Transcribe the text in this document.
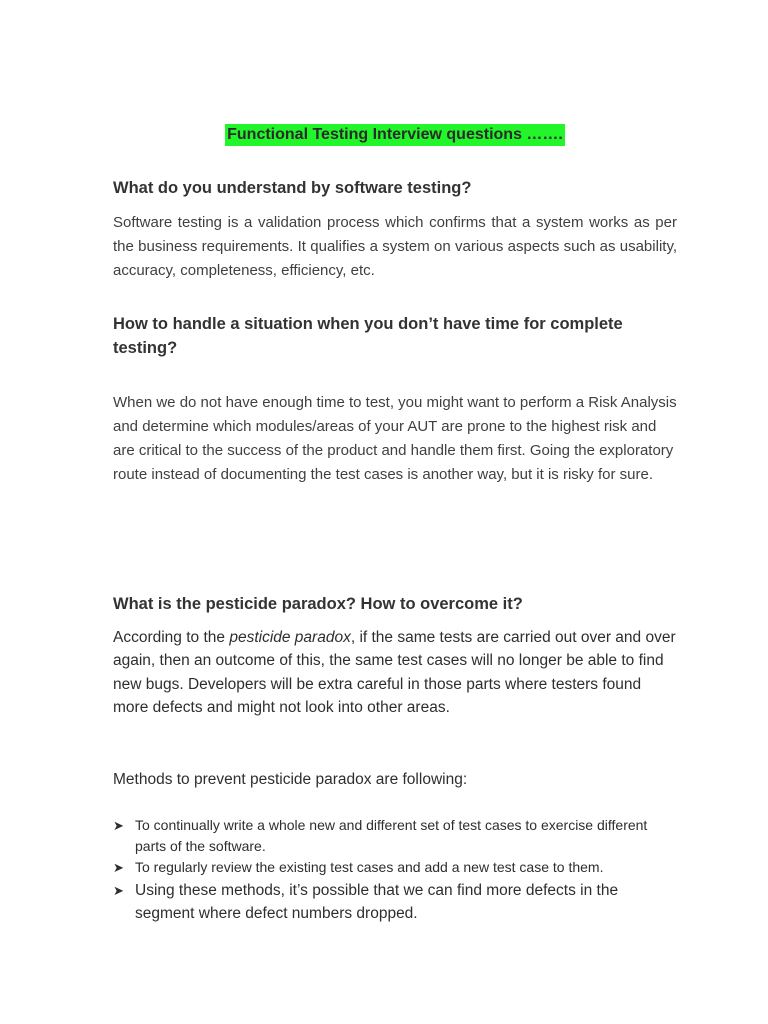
Functional Testing Interview questions …….
What do you understand by software testing?
Software testing is a validation process which confirms that a system works as per the business requirements. It qualifies a system on various aspects such as usability, accuracy, completeness, efficiency, etc.
How to handle a situation when you don’t have time for complete testing?
When we do not have enough time to test, you might want to perform a Risk Analysis and determine which modules/areas of your AUT are prone to the highest risk and are critical to the success of the product and handle them first. Going the exploratory route instead of documenting the test cases is another way, but it is risky for sure.
What is the pesticide paradox? How to overcome it?
According to the pesticide paradox, if the same tests are carried out over and over again, then an outcome of this, the same test cases will no longer be able to find new bugs. Developers will be extra careful in those parts where testers found more defects and might not look into other areas.
Methods to prevent pesticide paradox are following:
➤ To continually write a whole new and different set of test cases to exercise different parts of the software.
➤ To regularly review the existing test cases and add a new test case to them.
➤ Using these methods, it’s possible that we can find more defects in the segment where defect numbers dropped.
